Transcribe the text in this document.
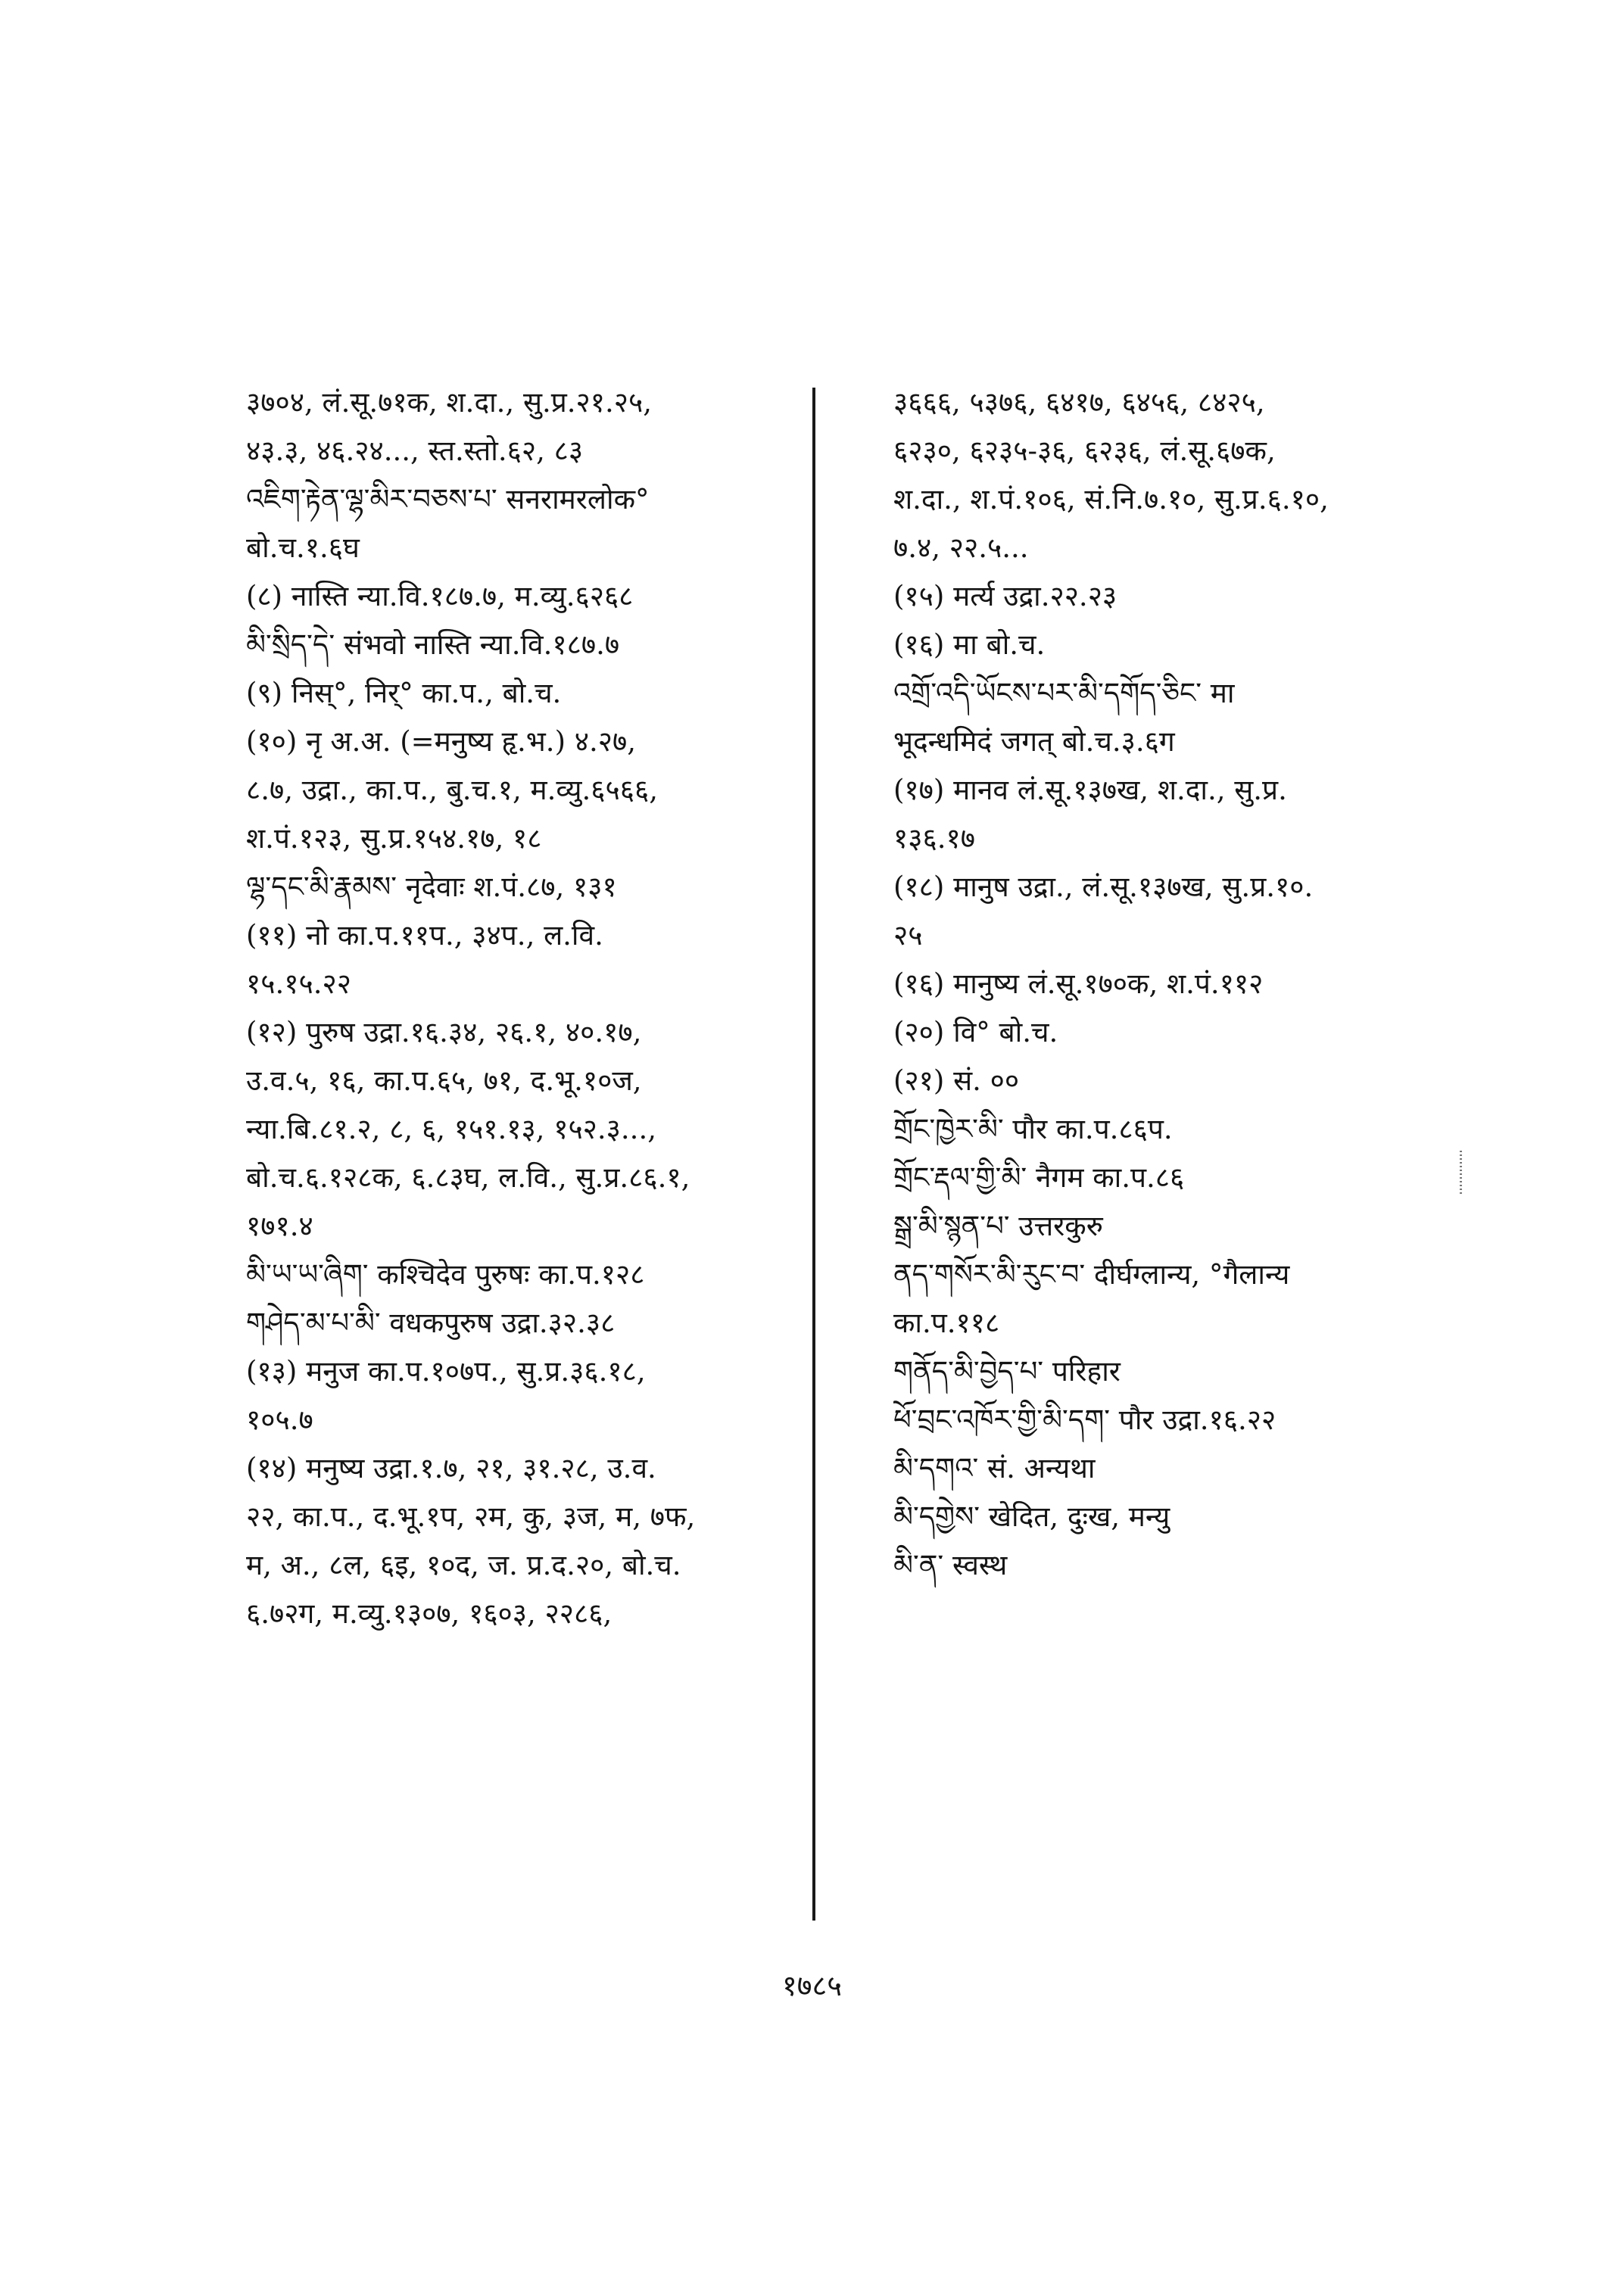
३७०४, लं.सू.७१क, श.दा., सु.प्र.२१.२५,
४३.३, ४६.२४..., स्त.स्तो.६२, ८३
འཇིག་རྟེན་ལྷ་མིར་བཅས་པ་ सनरामरलोक°
बो.च.१.६घ
(८) नास्ति न्या.वि.१८७.७, म.व्यु.६२६८
མི་སྲིད་དེ་ संभवो नास्ति न्या.वि.१८७.७
(९) निस्°, निर्° का.प., बो.च.
(१०) नृ अ.अ. (=मनुष्य हृ.भ.) ४.२७,
८.७, उद्रा., का.प., बु.च.१, म.व्यु.६५६६,
श.पं.१२३, सु.प्र.१५४.१७, १८
ལྷ་དང་མི་རྣམས་ नृदेवाः श.पं.८७, १३१
(११) नो का.प.११प., ३४प., ल.वि.
१५.१५.२२
(१२) पुरुष उद्रा.१६.३४, २६.१, ४०.१७,
उ.व.५, १६, का.प.६५, ७१, द.भू.१०ज,
न्या.बि.८१.२, ८, ६, १५१.१३, १५२.३...,
बो.च.६.१२८क, ६.८३घ, ल.वि., सु.प्र.८६.१,
१७१.४
མི་ཡ་ཡ་ཞིག་ कश्चिदेव पुरुषः का.प.१२८
གཤེད་མ་པ་མི་ वधकपुरुष उद्रा.३२.३८
(१३) मनुज का.प.१०७प., सु.प्र.३६.१८,
१०५.७
(१४) मनुष्य उद्रा.१.७, २१, ३१.२८, उ.व.
२२, का.प., द.भू.१प, २म, कु, ३ज, म, ७फ,
म, अ., ८ल, ६इ, १०द, ज. प्र.द.२०, बो.च.
६.७२ग, म.व्यु.१३०७, १६०३, २२८६,
३६६६, ५३७६, ६४१७, ६४५६, ८४२५,
६२३०, ६२३५-३६, ६२३६, लं.सू.६७क,
श.दा., श.पं.१०६, सं.नि.७.१०, सु.प्र.६.१०,
७.४, २२.५...
(१५) मर्त्य उद्रा.२२.२३
(१६) मा बो.च.
འགྲོ་འདི་ཡོངས་པར་མི་དགོད་ཅིང་ मा
भूदन्धमिदं जगत् बो.च.३.६ग
(१७) मानव लं.सू.१३७ख, श.दा., सु.प्र.
१३६.१७
(१८) मानुष उद्रा., लं.सू.१३७ख, सु.प्र.१०.
२५
(१६) मानुष्य लं.सू.१७०क, श.पं.११२
(२०) वि° बो.च.
(२१) सं. ००
གྲོང་ཁྱེར་མི་ पौर का.प.८६प.
གྲོང་རྡལ་གྱི་མི་ नैगम का.प.८६
སྒྲ་མི་སྙན་པ་ उत्तरकुरु
ནད་གསོར་མི་རུང་བ་ दीर्घग्लान्य, °गैलान्य
का.प.११८
གནོད་མི་བྱེད་པ་ परिहार
ཕོ་བྲང་འཁོར་གྱི་མི་དག་ पौर उद्रा.१६.२२
མི་དགའ་ सं. अन्यथा
མི་དགྱེས་ खेदित, दुःख, मन्यु
མི་ན་ स्वस्थ
१७८५
